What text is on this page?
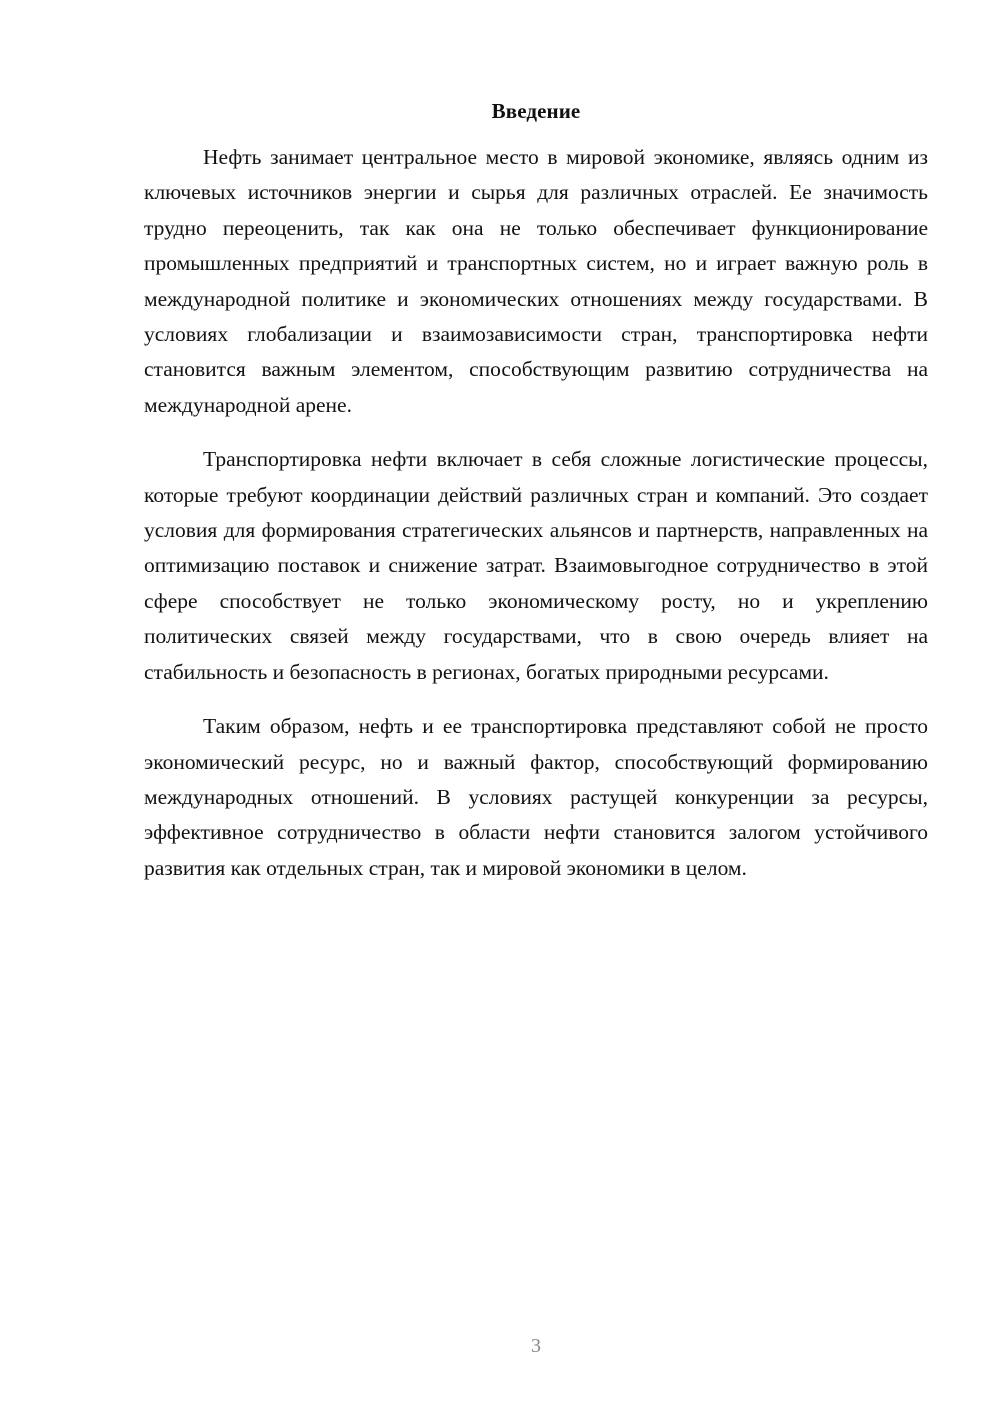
Введение

Нефть занимает центральное место в мировой экономике, являясь одним из ключевых источников энергии и сырья для различных отраслей. Ее значимость трудно переоценить, так как она не только обеспечивает функционирование промышленных предприятий и транспортных систем, но и играет важную роль в международной политике и экономических отношениях между государствами. В условиях глобализации и взаимозависимости стран, транспортировка нефти становится важным элементом, способствующим развитию сотрудничества на международной арене.

Транспортировка нефти включает в себя сложные логистические процессы, которые требуют координации действий различных стран и компаний. Это создает условия для формирования стратегических альянсов и партнерств, направленных на оптимизацию поставок и снижение затрат. Взаимовыгодное сотрудничество в этой сфере способствует не только экономическому росту, но и укреплению политических связей между государствами, что в свою очередь влияет на стабильность и безопасность в регионах, богатых природными ресурсами.

Таким образом, нефть и ее транспортировка представляют собой не просто экономический ресурс, но и важный фактор, способствующий формированию международных отношений. В условиях растущей конкуренции за ресурсы, эффективное сотрудничество в области нефти становится залогом устойчивого развития как отдельных стран, так и мировой экономики в целом.

3
